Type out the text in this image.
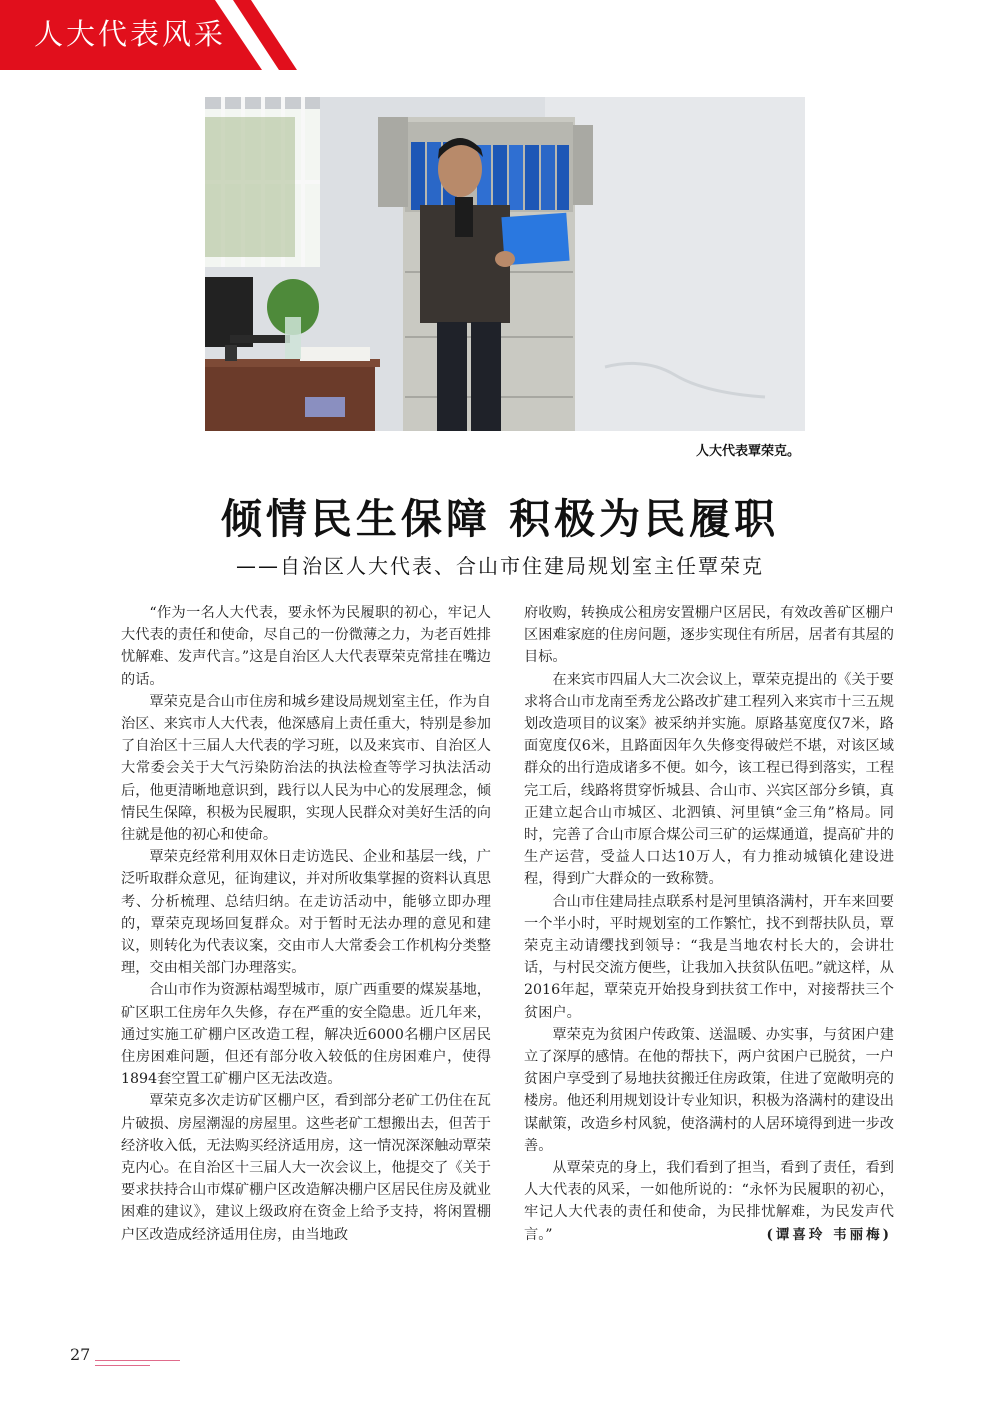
人大代表风采
人大代表覃荣克。
倾情民生保障 积极为民履职
——自治区人大代表、合山市住建局规划室主任覃荣克

“作为一名人大代表，要永怀为民履职的初心，牢记人大代表的责任和使命，尽自己的一份微薄之力，为老百姓排忧解难、发声代言。”这是自治区人大代表覃荣克常挂在嘴边的话。

覃荣克是合山市住房和城乡建设局规划室主任，作为自治区、来宾市人大代表，他深感肩上责任重大，特别是参加了自治区十三届人大代表的学习班，以及来宾市、自治区人大常委会关于大气污染防治法的执法检查等学习执法活动后，他更清晰地意识到，践行以人民为中心的发展理念，倾情民生保障，积极为民履职，实现人民群众对美好生活的向往就是他的初心和使命。

覃荣克经常利用双休日走访选民、企业和基层一线，广泛听取群众意见，征询建议，并对所收集掌握的资料认真思考、分析梳理、总结归纳。在走访活动中，能够立即办理的，覃荣克现场回复群众。对于暂时无法办理的意见和建议，则转化为代表议案，交由市人大常委会工作机构分类整理，交由相关部门办理落实。

合山市作为资源枯竭型城市，原广西重要的煤炭基地，矿区职工住房年久失修，存在严重的安全隐患。近几年来，通过实施工矿棚户区改造工程，解决近6000名棚户区居民住房困难问题，但还有部分收入较低的住房困难户，使得1894套空置工矿棚户区无法改造。

覃荣克多次走访矿区棚户区，看到部分老矿工仍住在瓦片破损、房屋潮湿的房屋里。这些老矿工想搬出去，但苦于经济收入低，无法购买经济适用房，这一情况深深触动覃荣克内心。在自治区十三届人大一次会议上，他提交了《关于要求扶持合山市煤矿棚户区改造解决棚户区居民住房及就业困难的建议》，建议上级政府在资金上给予支持，将闲置棚户区改造成经济适用住房，由当地政

府收购，转换成公租房安置棚户区居民，有效改善矿区棚户区困难家庭的住房问题，逐步实现住有所居，居者有其屋的目标。

在来宾市四届人大二次会议上，覃荣克提出的《关于要求将合山市龙南至秀龙公路改扩建工程列入来宾市十三五规划改造项目的议案》被采纳并实施。原路基宽度仅7米，路面宽度仅6米，且路面因年久失修变得破烂不堪，对该区域群众的出行造成诸多不便。如今，该工程已得到落实，工程完工后，线路将贯穿忻城县、合山市、兴宾区部分乡镇，真正建立起合山市城区、北泗镇、河里镇“金三角”格局。同时，完善了合山市原合煤公司三矿的运煤通道，提高矿井的生产运营，受益人口达10万人，有力推动城镇化建设进程，得到广大群众的一致称赞。

合山市住建局挂点联系村是河里镇洛满村，开车来回要一个半小时，平时规划室的工作繁忙，找不到帮扶队员，覃荣克主动请缨找到领导：“我是当地农村长大的，会讲壮话，与村民交流方便些，让我加入扶贫队伍吧。”就这样，从2016年起，覃荣克开始投身到扶贫工作中，对接帮扶三个贫困户。

覃荣克为贫困户传政策、送温暖、办实事，与贫困户建立了深厚的感情。在他的帮扶下，两户贫困户已脱贫，一户贫困户享受到了易地扶贫搬迁住房政策，住进了宽敞明亮的楼房。他还利用规划设计专业知识，积极为洛满村的建设出谋献策，改造乡村风貌，使洛满村的人居环境得到进一步改善。

从覃荣克的身上，我们看到了担当，看到了责任，看到人大代表的风采，一如他所说的：“永怀为民履职的初心，牢记人大代表的责任和使命，为民排忧解难，为民发声代言。”	(谭喜玲 韦丽梅)
27
